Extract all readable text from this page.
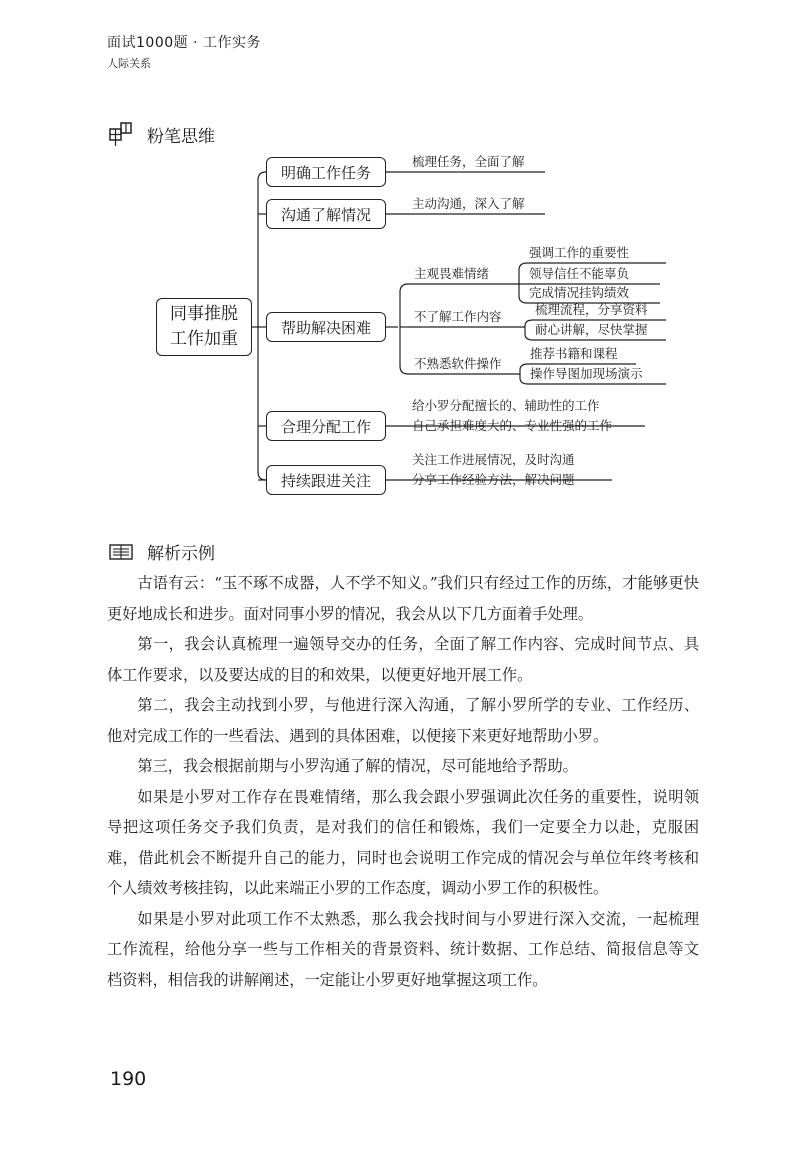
面试1000题 · 工作实务
人际关系
粉笔思维
同事推脱
工作加重
明确工作任务
沟通了解情况
帮助解决困难
合理分配工作
持续跟进关注
梳理任务，全面了解
主动沟通，深入了解
主观畏难情绪
不了解工作内容
不熟悉软件操作
强调工作的重要性
领导信任不能辜负
完成情况挂钩绩效
梳理流程，分享资料
耐心讲解，尽快掌握
推荐书籍和课程
操作导图加现场演示
给小罗分配擅长的、辅助性的工作
自己承担难度大的、专业性强的工作
关注工作进展情况，及时沟通
分享工作经验方法，解决问题
解析示例

古语有云：“玉不琢不成器，人不学不知义。”我们只有经过工作的历练，才能够更快更好地成长和进步。面对同事小罗的情况，我会从以下几方面着手处理。

第一，我会认真梳理一遍领导交办的任务，全面了解工作内容、完成时间节点、具体工作要求，以及要达成的目的和效果，以便更好地开展工作。

第二，我会主动找到小罗，与他进行深入沟通，了解小罗所学的专业、工作经历、他对完成工作的一些看法、遇到的具体困难，以便接下来更好地帮助小罗。

第三，我会根据前期与小罗沟通了解的情况，尽可能地给予帮助。

如果是小罗对工作存在畏难情绪，那么我会跟小罗强调此次任务的重要性，说明领导把这项任务交予我们负责，是对我们的信任和锻炼，我们一定要全力以赴，克服困难，借此机会不断提升自己的能力，同时也会说明工作完成的情况会与单位年终考核和个人绩效考核挂钩，以此来端正小罗的工作态度，调动小罗工作的积极性。

如果是小罗对此项工作不太熟悉，那么我会找时间与小罗进行深入交流，一起梳理工作流程，给他分享一些与工作相关的背景资料、统计数据、工作总结、简报信息等文档资料，相信我的讲解阐述，一定能让小罗更好地掌握这项工作。

190
